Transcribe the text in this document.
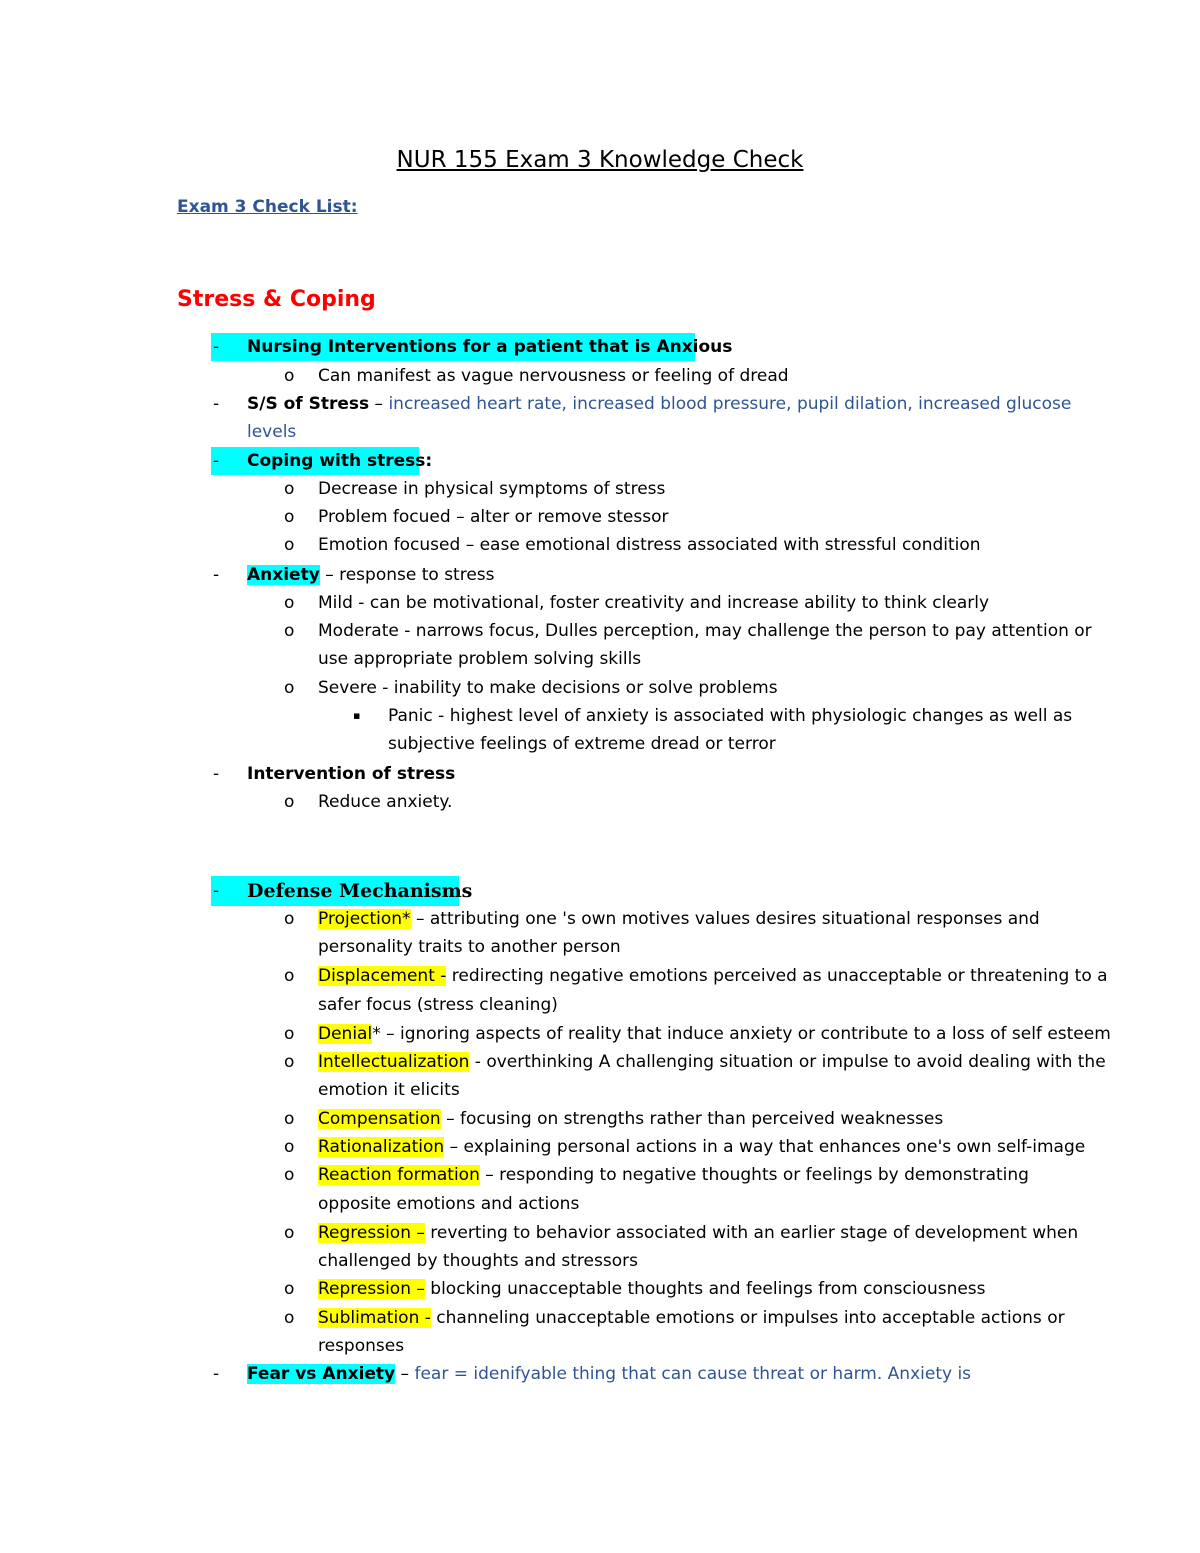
NUR 155 Exam 3 Knowledge Check
Exam 3 Check List:
Stress & Coping
-	Nursing Interventions for a patient that is Anxious
o Can manifest as vague nervousness or feeling of dread
-	S/S of Stress – increased heart rate, increased blood pressure, pupil dilation, increased glucose
levels
-	Coping with stress:
o Decrease in physical symptoms of stress
o Problem focued – alter or remove stessor
o Emotion focused – ease emotional distress associated with stressful condition
-	Anxiety – response to stress
o Mild - can be motivational, foster creativity and increase ability to think clearly
o Moderate - narrows focus, Dulles perception, may challenge the person to pay attention or
use appropriate problem solving skills
o Severe - inability to make decisions or solve problems
▪ Panic - highest level of anxiety is associated with physiologic changes as well as
subjective feelings of extreme dread or terror
-	Intervention of stress
o Reduce anxiety.
-	Defense Mechanisms
o Projection* – attributing one 's own motives values desires situational responses and
personality traits to another person
o Displacement - redirecting negative emotions perceived as unacceptable or threatening to a
safer focus (stress cleaning)
o Denial* – ignoring aspects of reality that induce anxiety or contribute to a loss of self esteem
o Intellectualization - overthinking A challenging situation or impulse to avoid dealing with the
emotion it elicits
o Compensation – focusing on strengths rather than perceived weaknesses
o Rationalization – explaining personal actions in a way that enhances one's own self-image
o Reaction formation – responding to negative thoughts or feelings by demonstrating
opposite emotions and actions
o Regression – reverting to behavior associated with an earlier stage of development when
challenged by thoughts and stressors
o Repression – blocking unacceptable thoughts and feelings from consciousness
o Sublimation - channeling unacceptable emotions or impulses into acceptable actions or
responses
-	Fear vs Anxiety – fear = idenifyable thing that can cause threat or harm. Anxiety is
